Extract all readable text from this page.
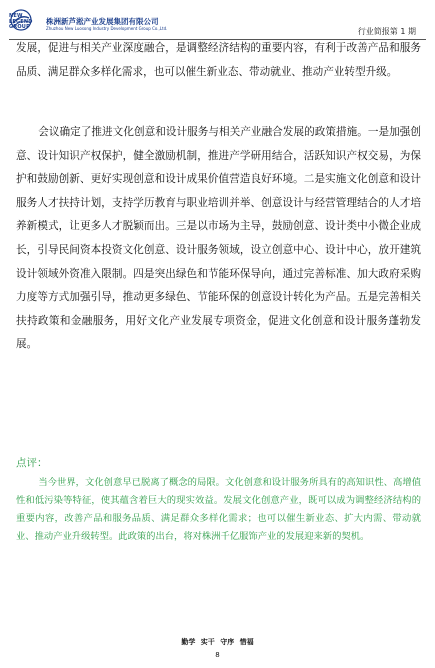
NEW LEGEND GROUP
株洲新芦淞产业发展集团有限公司
Zhuzhou New Luosong Industry Development Group Co.,Ltd.	行业简报第 1 期
发展，促进与相关产业深度融合，是调整经济结构的重要内容，有利于改善产品和服务品质、满足群众多样化需求，也可以催生新业态、带动就业、推动产业转型升级。
会议确定了推进文化创意和设计服务与相关产业融合发展的政策措施。一是加强创意、设计知识产权保护，健全激励机制，推进产学研用结合，活跃知识产权交易，为保护和鼓励创新、更好实现创意和设计成果价值营造良好环境。二是实施文化创意和设计服务人才扶持计划，支持学历教育与职业培训并举、创意设计与经营管理结合的人才培养新模式，让更多人才脱颖而出。三是以市场为主导，鼓励创意、设计类中小微企业成长，引导民间资本投资文化创意、设计服务领域，设立创意中心、设计中心，放开建筑设计领域外资准入限制。四是突出绿色和节能环保导向，通过完善标准、加大政府采购力度等方式加强引导，推动更多绿色、节能环保的创意设计转化为产品。五是完善相关扶持政策和金融服务，用好文化产业发展专项资金，促进文化创意和设计服务蓬勃发展。
点评：
当今世界，文化创意早已脱离了概念的局限。文化创意和设计服务所具有的高知识性、高增值性和低污染等特征，使其蕴含着巨大的现实效益。发展文化创意产业，既可以成为调整经济结构的重要内容，改善产品和服务品质、满足群众多样化需求；也可以催生新业态、扩大内需、带动就业、推动产业升级转型。此政策的出台，将对株洲千亿服饰产业的发展迎来新的契机。
勤学 实干 守序 惜福
8
